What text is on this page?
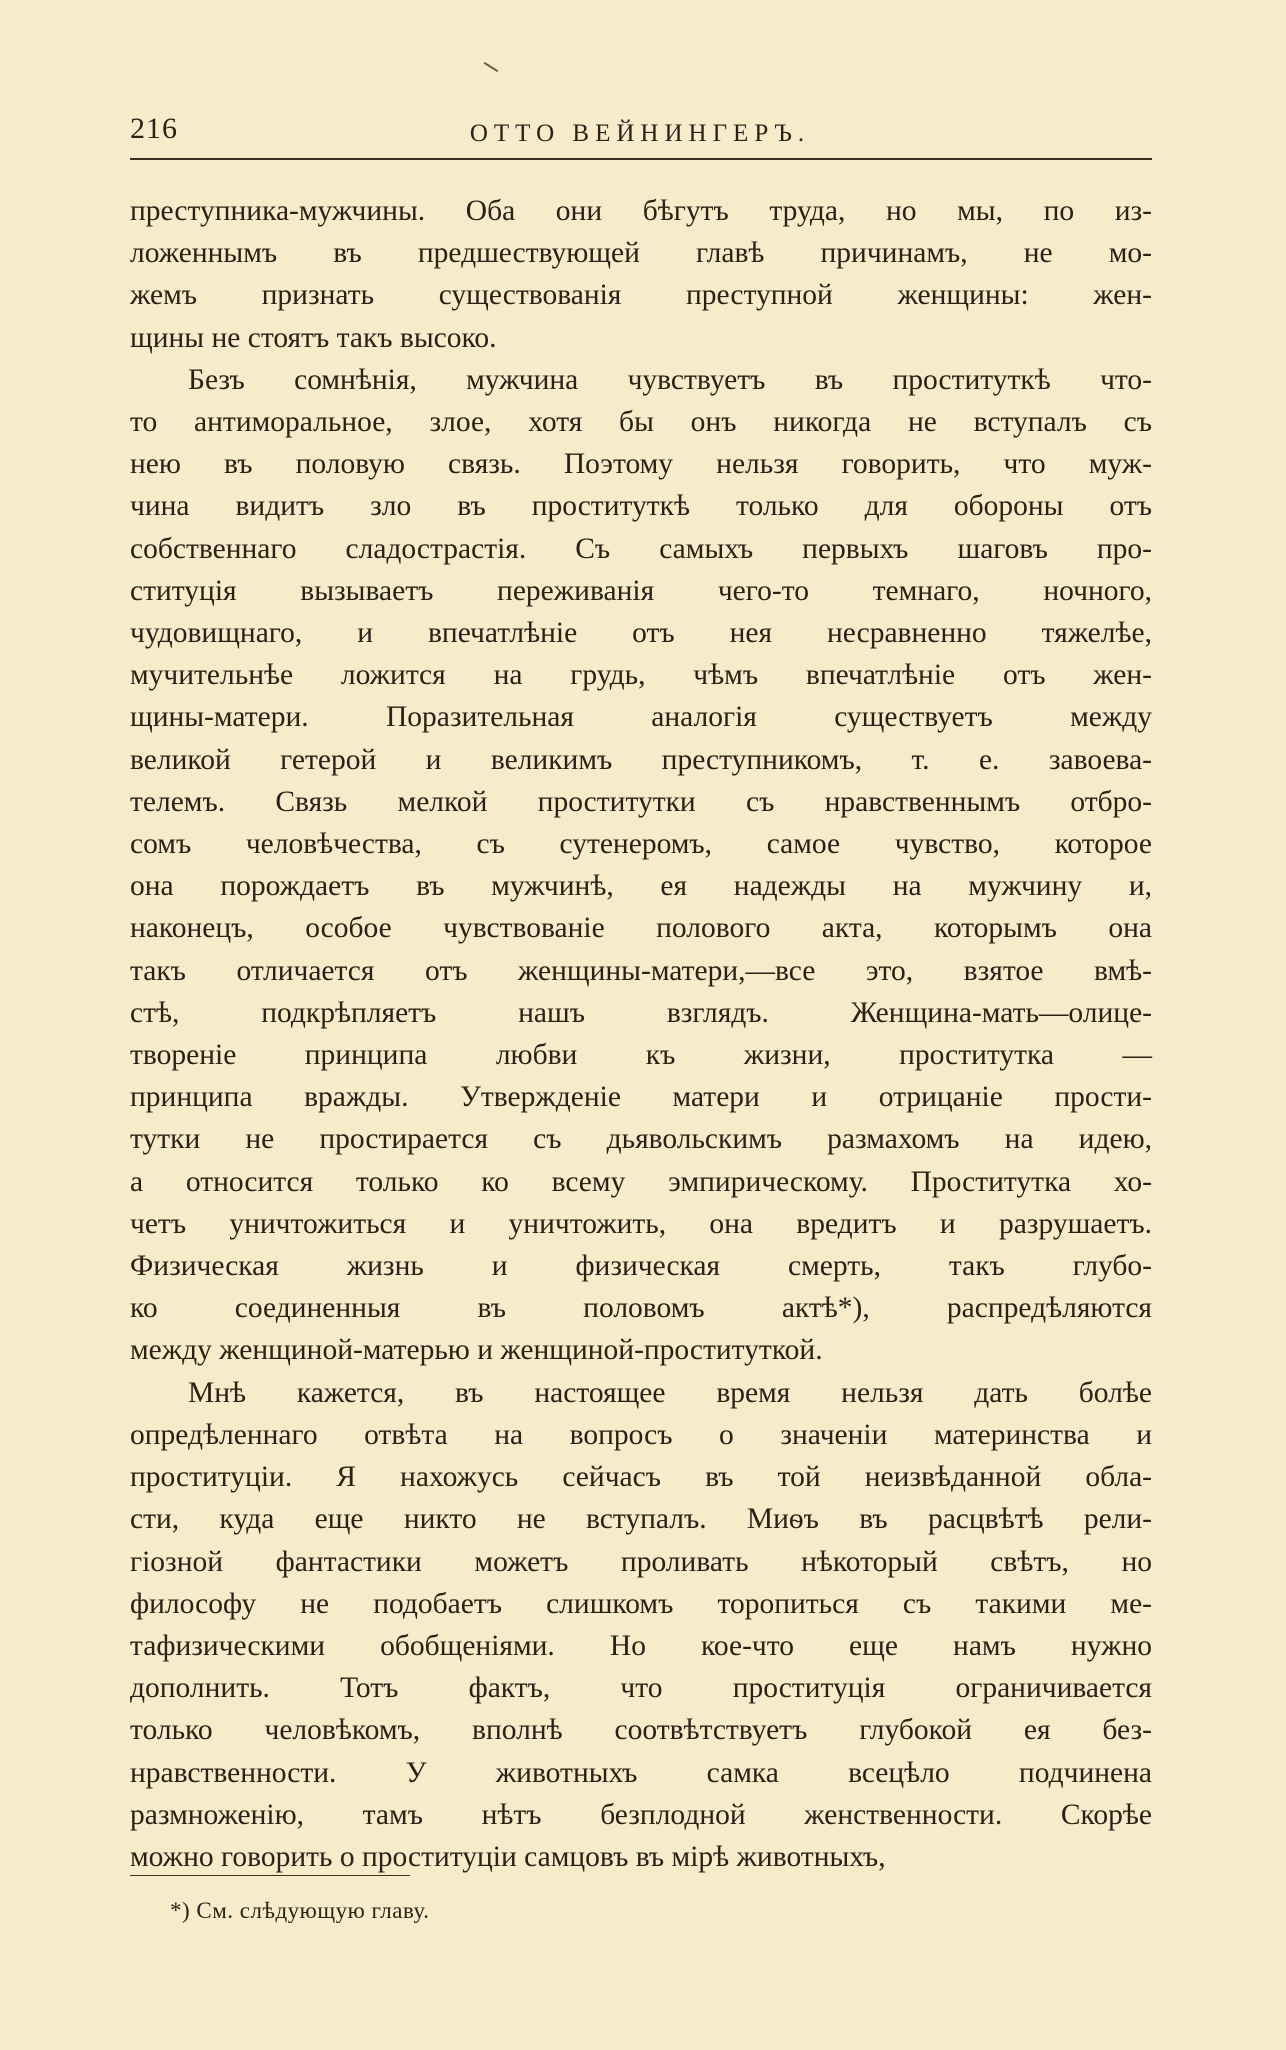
216	ОТТО ВЕЙНИНГЕРЪ.
преступника-мужчины. Оба они бѣгутъ труда, но мы, по из-
ложеннымъ въ предшествующей главѣ причинамъ, не мо-
жемъ признать существованія преступной женщины: жен-
щины не стоятъ такъ высоко.
Безъ сомнѣнія, мужчина чувствуетъ въ проституткѣ что-
то антиморальное, злое, хотя бы онъ никогда не вступалъ съ
нею въ половую связь. Поэтому нельзя говорить, что муж-
чина видитъ зло въ проституткѣ только для обороны отъ
собственнаго сладострастія. Съ самыхъ первыхъ шаговъ про-
ституція вызываетъ переживанія чего-то темнаго, ночного,
чудовищнаго, и впечатлѣніе отъ нея несравненно тяжелѣе,
мучительнѣе ложится на грудь, чѣмъ впечатлѣніе отъ жен-
щины-матери. Поразительная аналогія существуетъ между
великой гетерой и великимъ преступникомъ, т. е. завоева-
телемъ. Связь мелкой проститутки съ нравственнымъ отбро-
сомъ человѣчества, съ сутенеромъ, самое чувство, которое
она порождаетъ въ мужчинѣ, ея надежды на мужчину и,
наконецъ, особое чувствованіе полового акта, которымъ она
такъ отличается отъ женщины-матери,—все это, взятое вмѣ-
стѣ, подкрѣпляетъ нашъ взглядъ. Женщина-мать—олице-
твореніе принципа любви къ жизни, проститутка —
принципа вражды. Утвержденіе матери и отрицаніе прости-
тутки не простирается съ дьявольскимъ размахомъ на идею,
а относится только ко всему эмпирическому. Проститутка хо-
четъ уничтожиться и уничтожить, она вредитъ и разрушаетъ.
Физическая жизнь и физическая смерть, такъ глубо-
ко соединенныя въ половомъ актѣ*), распредѣляются
между женщиной-матерью и женщиной-проституткой.
Мнѣ кажется, въ настоящее время нельзя дать болѣе
опредѣленнаго отвѣта на вопросъ о значеніи материнства и
проституціи. Я нахожусь сейчасъ въ той неизвѣданной обла-
сти, куда еще никто не вступалъ. Миѳъ въ расцвѣтѣ рели-
гіозной фантастики можетъ проливать нѣкоторый свѣтъ, но
философу не подобаетъ слишкомъ торопиться съ такими ме-
тафизическими обобщеніями. Но кое-что еще намъ нужно
дополнить. Тотъ фактъ, что проституція ограничивается
только человѣкомъ, вполнѣ соотвѣтствуетъ глубокой ея без-
нравственности. У животныхъ самка всецѣло подчинена
размноженію, тамъ нѣтъ безплодной женственности. Скорѣе
можно говорить о проституціи самцовъ въ мірѣ животныхъ,
*) См. слѣдующую главу.
